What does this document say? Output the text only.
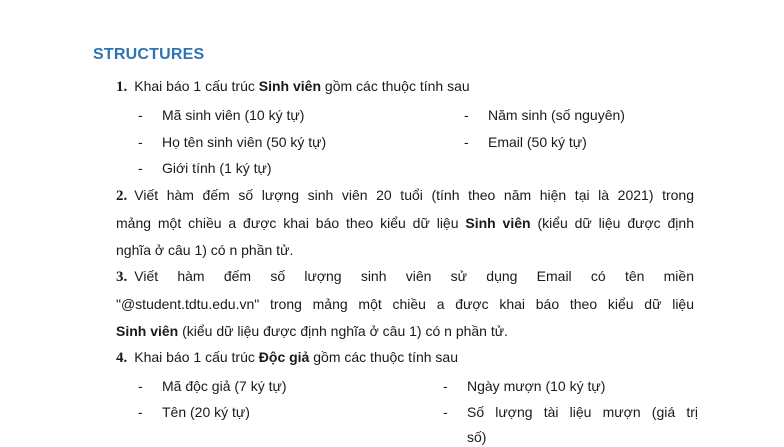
STRUCTURES
1. Khai báo 1 cấu trúc Sinh viên gồm các thuộc tính sau
- Mã sinh viên (10 ký tự)
- Họ tên sinh viên (50 ký tự)
- Giới tính (1 ký tự)
- Năm sinh (số nguyên)
- Email (50 ký tự)
2. Viết hàm đếm số lượng sinh viên 20 tuổi (tính theo năm hiện tại là 2021) trong
mảng một chiều a được khai báo theo kiểu dữ liệu Sinh viên (kiểu dữ liệu được định
nghĩa ở câu 1) có n phần tử.
3. Viết hàm đếm số lượng sinh viên sử dụng Email có tên miền
"@student.tdtu.edu.vn" trong mảng một chiều a được khai báo theo kiểu dữ liệu
Sinh viên (kiểu dữ liệu được định nghĩa ở câu 1) có n phần tử.
4. Khai báo 1 cấu trúc Độc giả gồm các thuộc tính sau
- Mã độc giả (7 ký tự)
- Tên (20 ký tự)
- Ngày mượn (10 ký tự)
- Số lượng tài liệu mượn (giá trị
số)
